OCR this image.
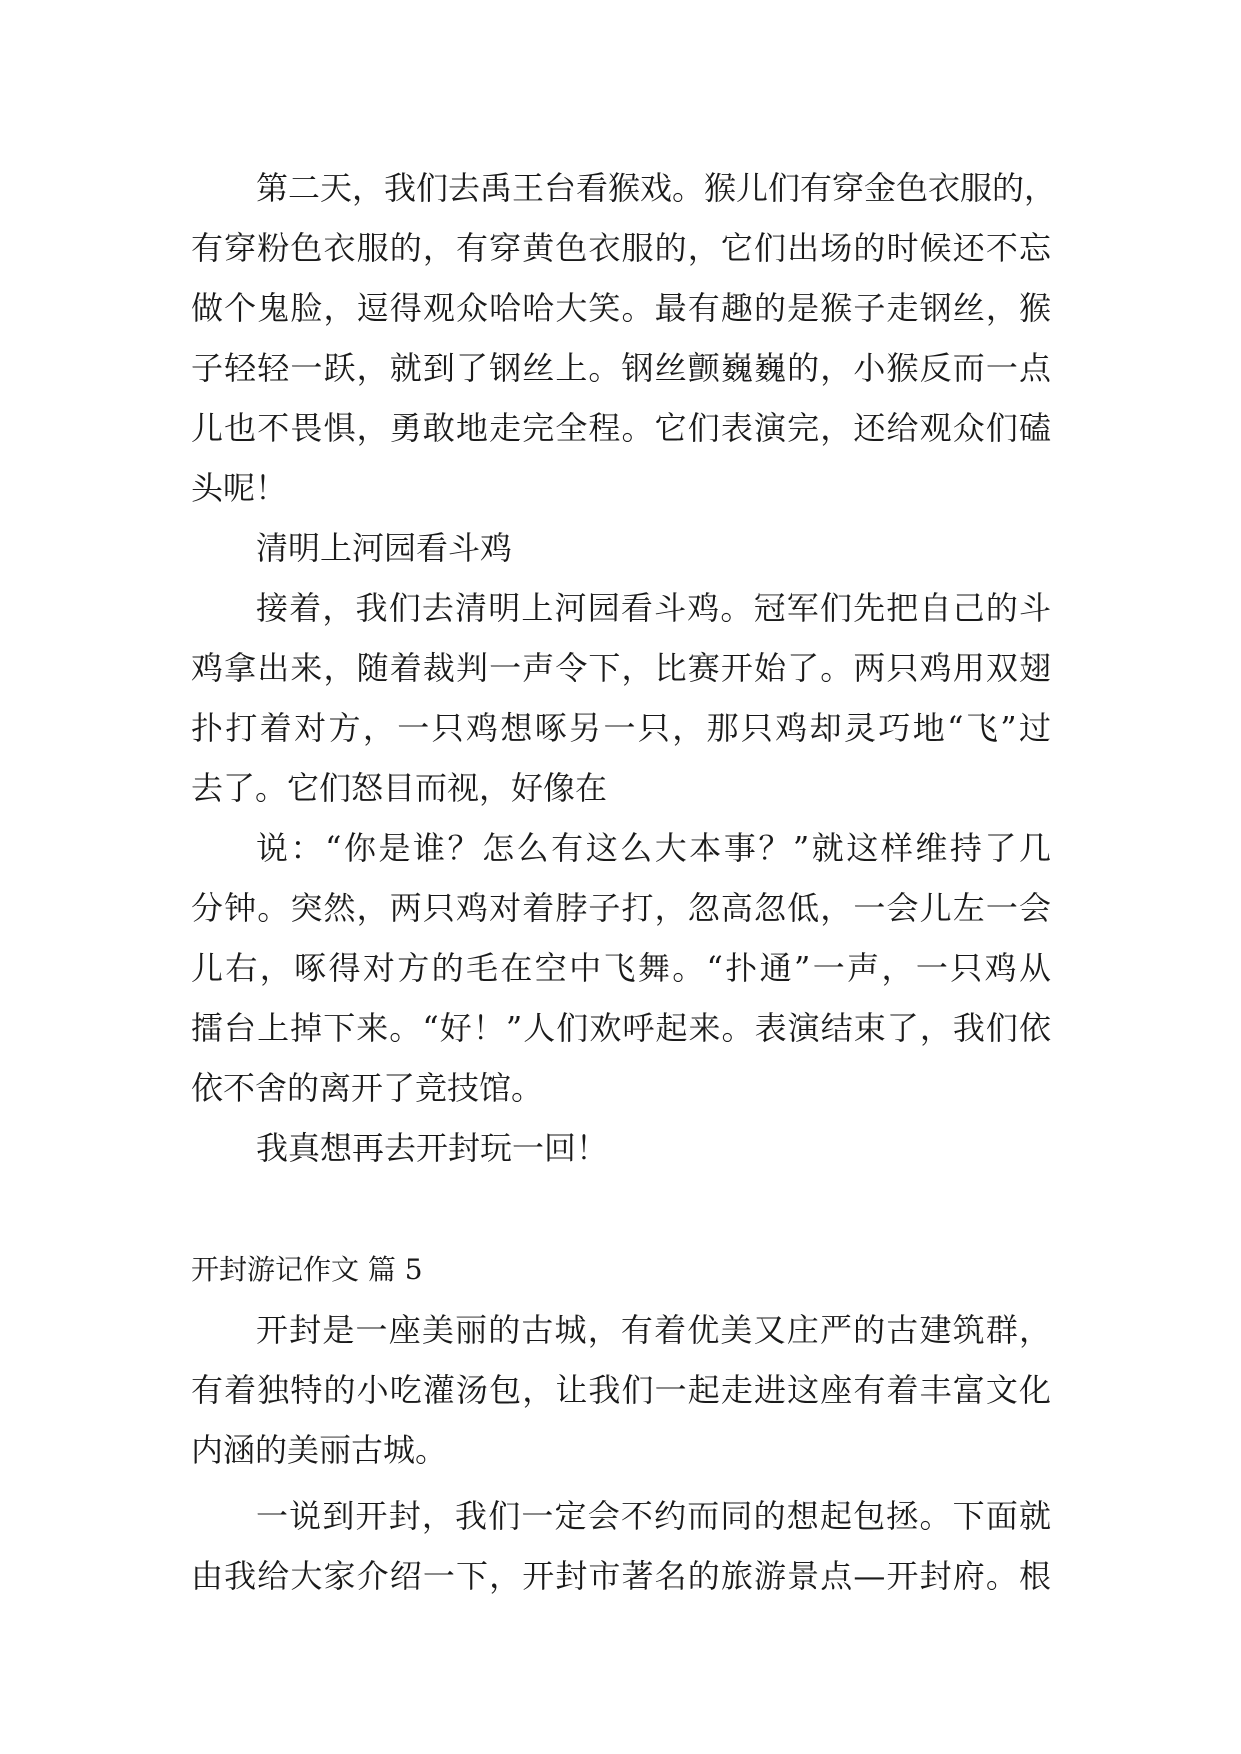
第二天，我们去禹王台看猴戏。猴儿们有穿金色衣服的，
有穿粉色衣服的，有穿黄色衣服的，它们出场的时候还不忘
做个鬼脸，逗得观众哈哈大笑。最有趣的是猴子走钢丝，猴
子轻轻一跃，就到了钢丝上。钢丝颤巍巍的，小猴反而一点
儿也不畏惧，勇敢地走完全程。它们表演完，还给观众们磕
头呢！
清明上河园看斗鸡
接着，我们去清明上河园看斗鸡。冠军们先把自己的斗
鸡拿出来，随着裁判一声令下，比赛开始了。两只鸡用双翅
扑打着对方，一只鸡想啄另一只，那只鸡却灵巧地“飞”过
去了。它们怒目而视，好像在
说：“你是谁？怎么有这么大本事？”就这样维持了几
分钟。突然，两只鸡对着脖子打，忽高忽低，一会儿左一会
儿右，啄得对方的毛在空中飞舞。“扑通”一声，一只鸡从
擂台上掉下来。“好！”人们欢呼起来。表演结束了，我们依
依不舍的离开了竞技馆。
我真想再去开封玩一回！
开封游记作文 篇 5
开封是一座美丽的古城，有着优美又庄严的古建筑群，
有着独特的小吃灌汤包，让我们一起走进这座有着丰富文化
内涵的美丽古城。
一说到开封，我们一定会不约而同的想起包拯。下面就
由我给大家介绍一下，开封市著名的旅游景点—开封府。根
